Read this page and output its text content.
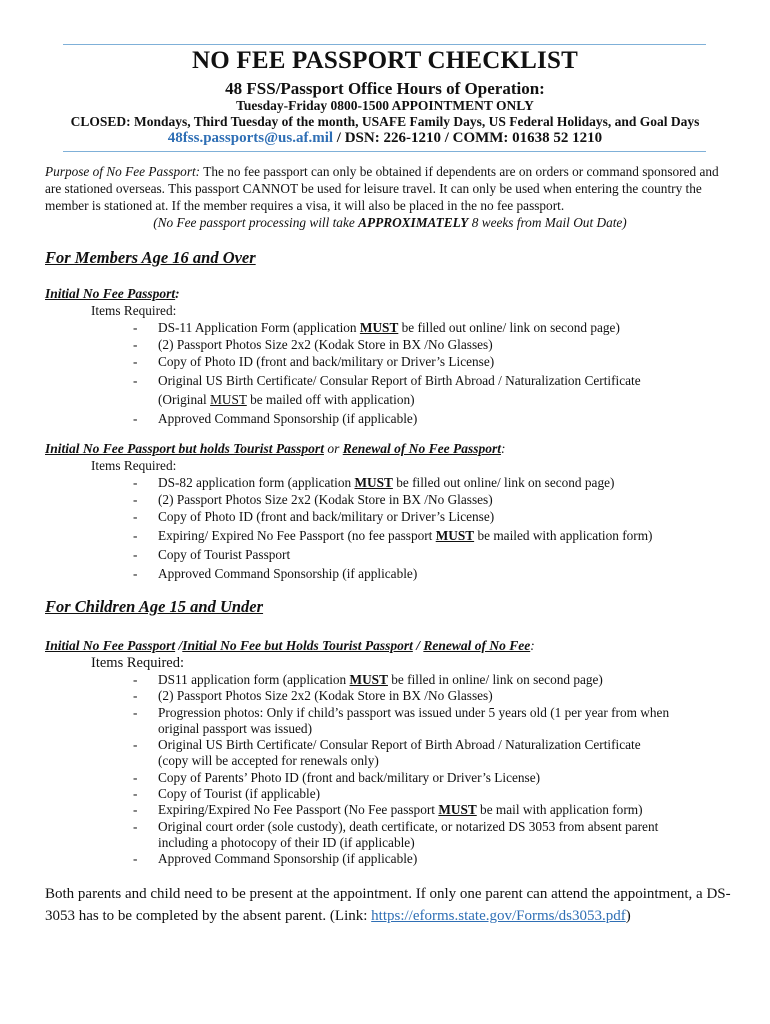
NO FEE PASSPORT CHECKLIST
48 FSS/Passport Office Hours of Operation:
Tuesday-Friday 0800-1500 APPOINTMENT ONLY
CLOSED: Mondays, Third Tuesday of the month, USAFE Family Days, US Federal Holidays, and Goal Days
48fss.passports@us.af.mil / DSN: 226-1210 / COMM: 01638 52 1210
Purpose of No Fee Passport: The no fee passport can only be obtained if dependents are on orders or command sponsored and are stationed overseas. This passport CANNOT be used for leisure travel. It can only be used when entering the country the member is stationed at. If the member requires a visa, it will also be placed in the no fee passport.
(No Fee passport processing will take APPROXIMATELY 8 weeks from Mail Out Date)
For Members Age 16 and Over
Initial No Fee Passport:
Items Required:
- DS-11 Application Form (application MUST be filled out online/ link on second page)
- (2) Passport Photos Size 2x2 (Kodak Store in BX /No Glasses)
- Copy of Photo ID (front and back/military or Driver’s License)
- Original US Birth Certificate/ Consular Report of Birth Abroad / Naturalization Certificate
(Original MUST be mailed off with application)
- Approved Command Sponsorship (if applicable)
Initial No Fee Passport but holds Tourist Passport or Renewal of No Fee Passport:
Items Required:
- DS-82 application form (application MUST be filled out online/ link on second page)
- (2) Passport Photos Size 2x2 (Kodak Store in BX /No Glasses)
- Copy of Photo ID (front and back/military or Driver’s License)
- Expiring/ Expired No Fee Passport (no fee passport MUST be mailed with application form)
- Copy of Tourist Passport
- Approved Command Sponsorship (if applicable)
For Children Age 15 and Under
Initial No Fee Passport /Initial No Fee but Holds Tourist Passport / Renewal of No Fee:
Items Required:
- DS11 application form (application MUST be filled in online/ link on second page)
- (2) Passport Photos Size 2x2 (Kodak Store in BX /No Glasses)
- Progression photos: Only if child’s passport was issued under 5 years old (1 per year from when
original passport was issued)
- Original US Birth Certificate/ Consular Report of Birth Abroad / Naturalization Certificate
(copy will be accepted for renewals only)
- Copy of Parents’ Photo ID (front and back/military or Driver’s License)
- Copy of Tourist (if applicable)
- Expiring/Expired No Fee Passport (No Fee passport MUST be mail with application form)
- Original court order (sole custody), death certificate, or notarized DS 3053 from absent parent
including a photocopy of their ID (if applicable)
- Approved Command Sponsorship (if applicable)
Both parents and child need to be present at the appointment. If only one parent can attend the appointment, a DS-3053 has to be completed by the absent parent. (Link: https://eforms.state.gov/Forms/ds3053.pdf)
